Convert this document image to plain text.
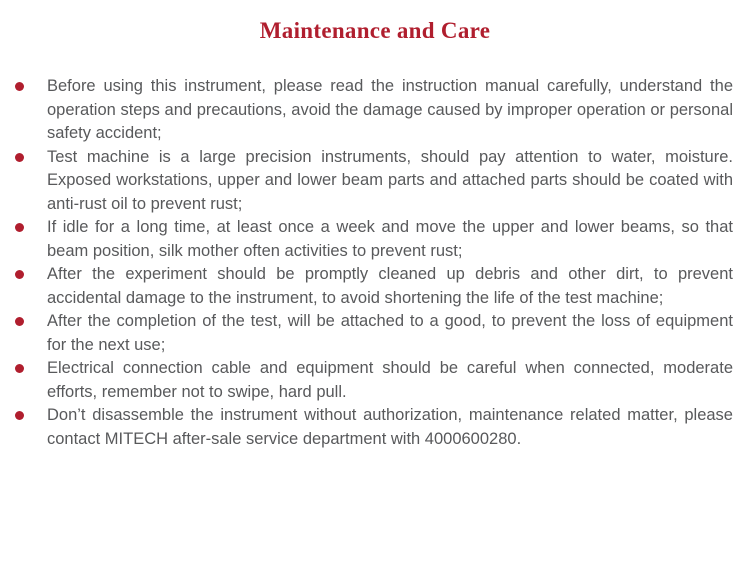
Maintenance and Care
Before using this instrument, please read the instruction manual carefully, understand the operation steps and precautions, avoid the damage caused by improper operation or personal safety accident;
Test machine is a large precision instruments, should pay attention to water, moisture. Exposed workstations, upper and lower beam parts and attached parts should be coated with anti-rust oil to prevent rust;
If idle for a long time, at least once a week and move the upper and lower beams, so that beam position, silk mother often activities to prevent rust;
After the experiment should be promptly cleaned up debris and other dirt, to prevent accidental damage to the instrument, to avoid shortening the life of the test machine;
After the completion of the test, will be attached to a good, to prevent the loss of equipment for the next use;
Electrical connection cable and equipment should be careful when connected, moderate efforts, remember not to swipe, hard pull.
Don’t disassemble the instrument without authorization, maintenance related matter, please contact MITECH after-sale service department with 4000600280.
